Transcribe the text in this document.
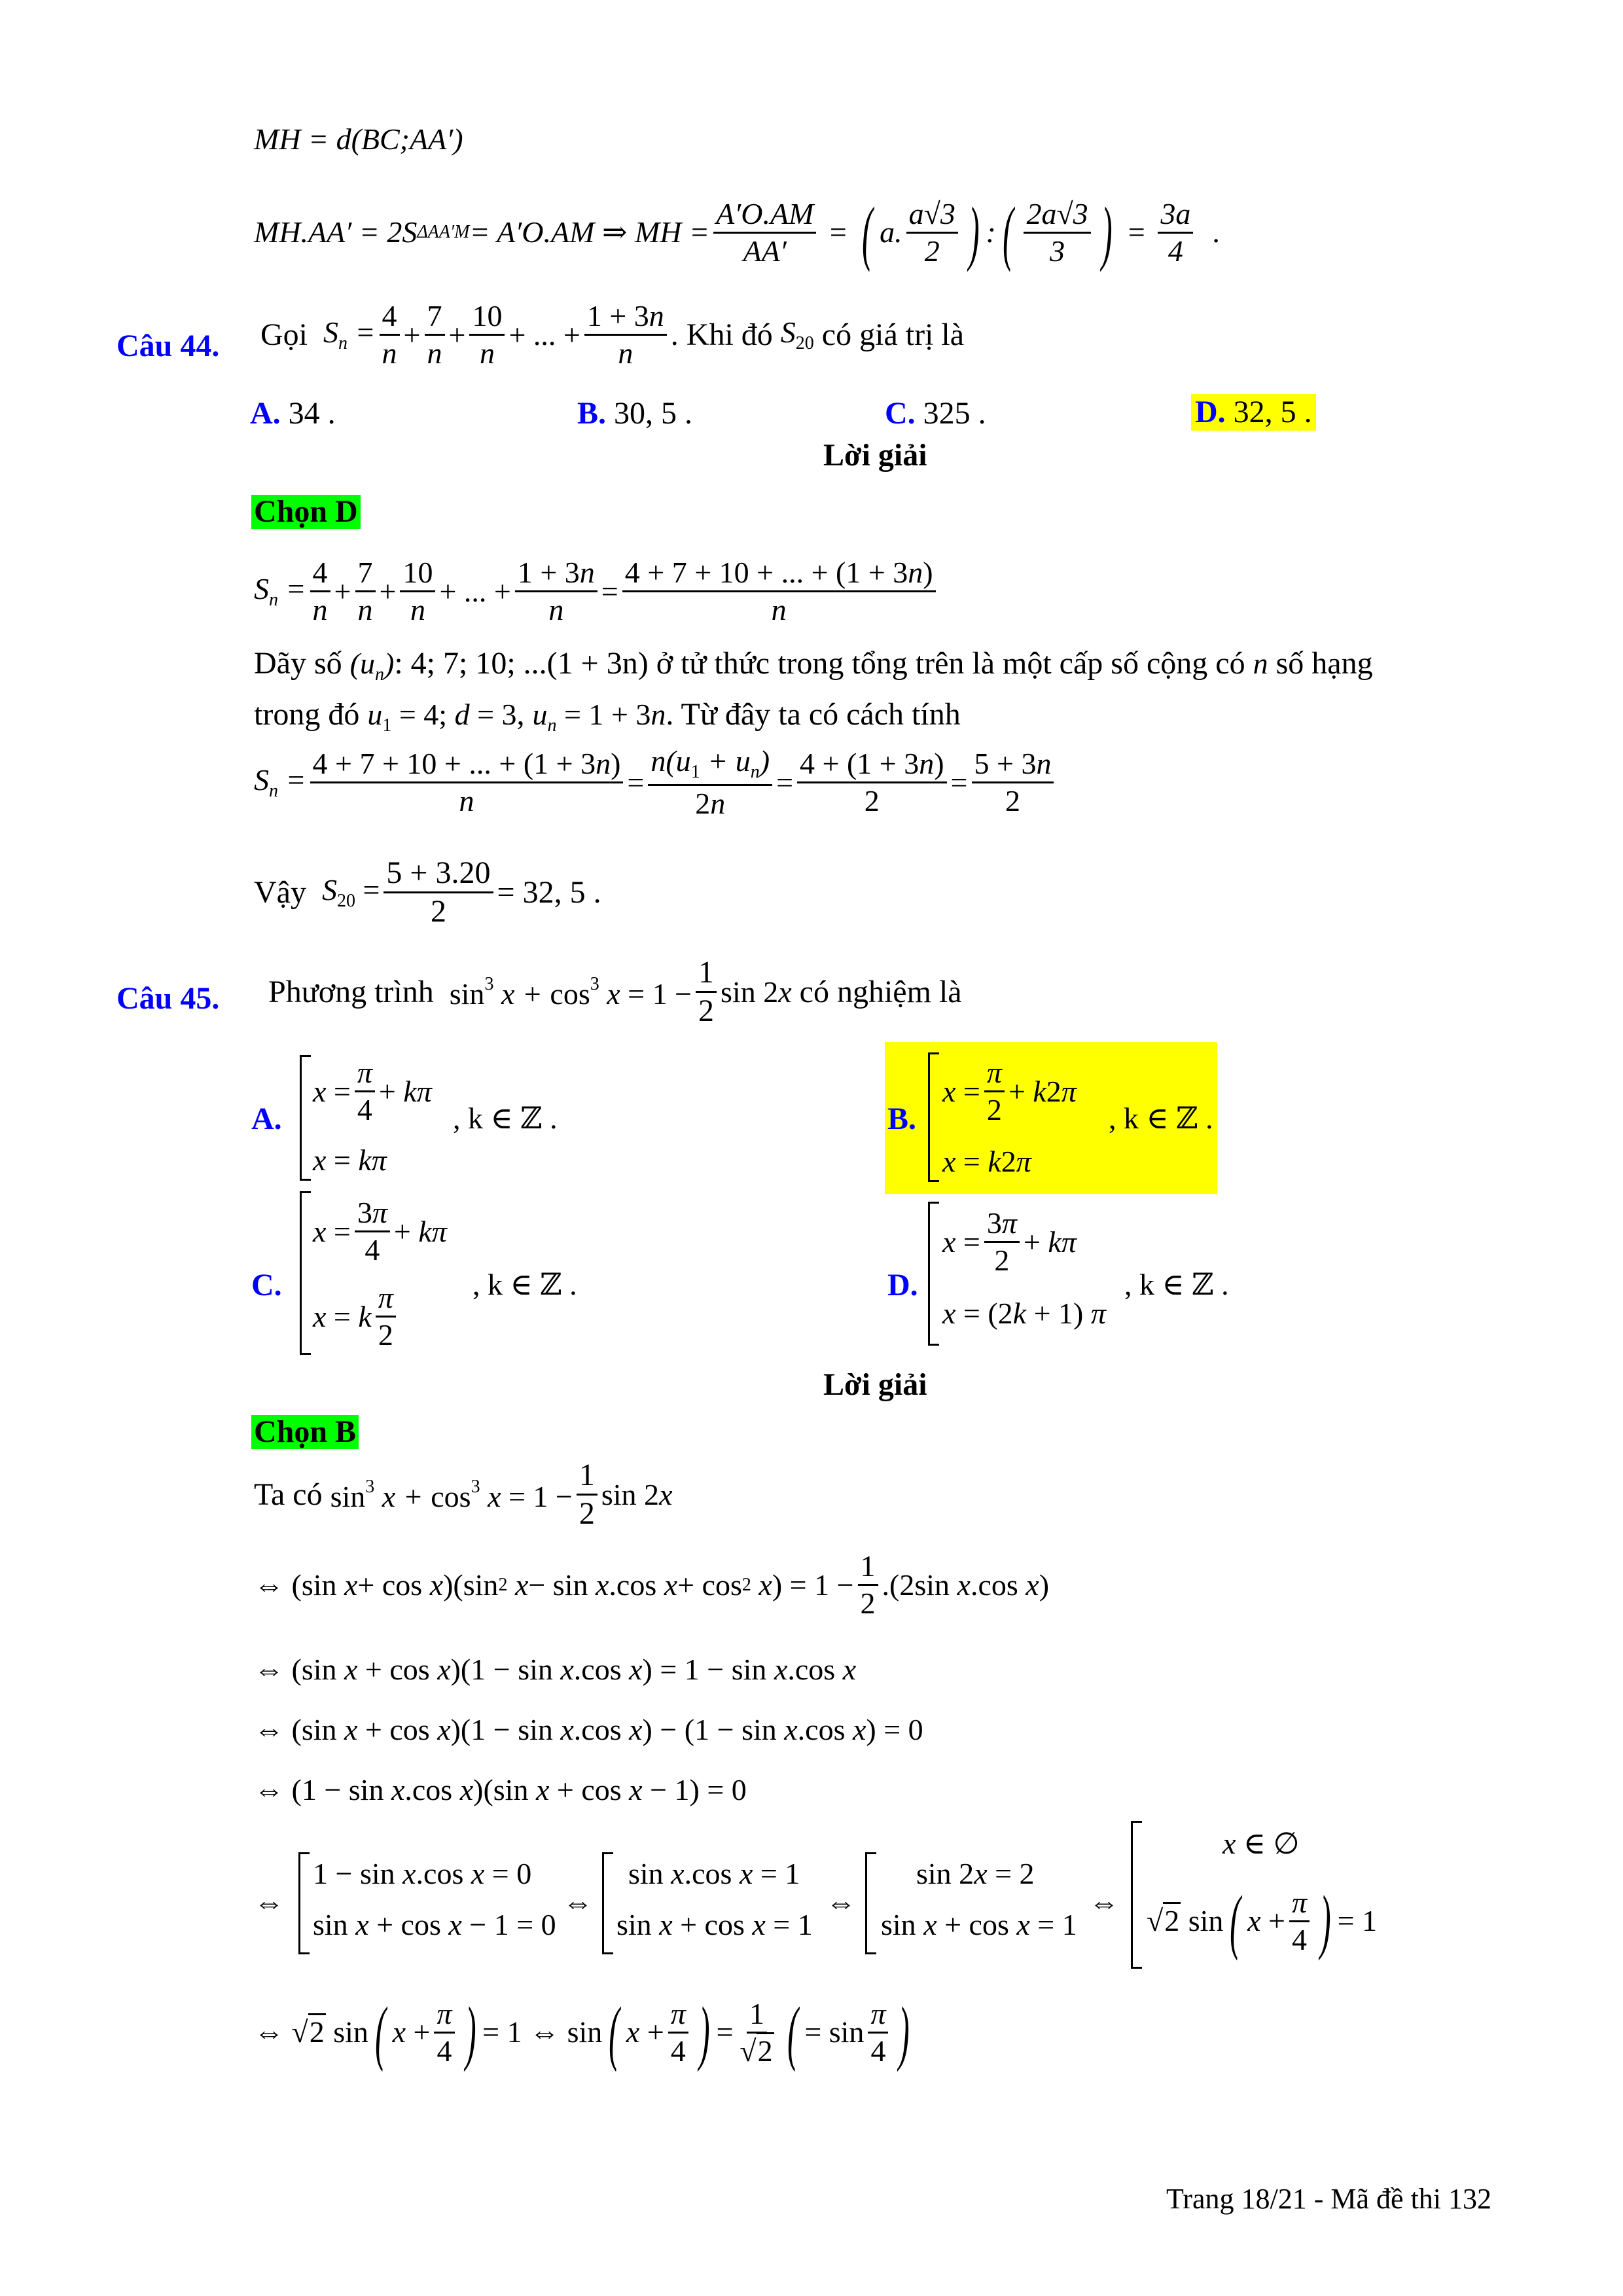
MH = d(BC;AA′)
MH.AA′ = 2S ΔAA′M = A′O.AM ⇒ MH = $\frac{A'O.AM}{AA'}$ = ( a. $\frac{a√3}{2}$ ) : ( $\frac{2a√3}{3}$ ) = $\frac{3a}{4}$ .
Câu 44. Gọi
$S_n = \frac{4}{n} + \frac{7}{n} + \frac{10}{n}$ + ... + $\frac{1 + 3n}{n}$ . Khi đó
$S_{20}$
có giá trị là
A. 34 .	B. 30, 5 .	C. 325 .	D. 32, 5 .
Lời giải
Chọn D
$S_n = \frac{4}{n} + \frac{7}{n} + \frac{10}{n}$ + ... + $\frac{1 + 3n}{n} = \frac{4 + 7 + 10 + ... + (1 + 3n)}{n}$
Dãy số $(u_n)$: 4; 7; 10; ...(1 + 3n) ở tử thức trong tổng trên là một cấp số cộng có n số hạng
trong đó $u_1 = 4$; d = 3, $u_n = 1 + 3n$. Từ đây ta có cách tính
$S_n = \frac{4 + 7 + 10 + ... + (1 + 3n)}{n} = \frac{n(u_1 + u_n)}{2n} = \frac{4 + (1 + 3n)}{2} = \frac{5 + 3n}{2}$
Vậy
$S_{20} = \frac{5 + 3.20}{2} = 32$, 5 .
Câu 45. Phương trình
$\sin^3 x + \cos^3 x = 1 - \frac{1}{2}$ sin 2x
có nghiệm là
A.
$x = \frac{\pi}{4} + k\pi$
x = kπ
, k ∈ ℤ .	B.
$x = \frac{\pi}{2} + k2\pi$
x = k2π
, k ∈ ℤ .
C.
$x = \frac{3\pi}{4} + k\pi$
x = k $\frac{\pi}{2}$	, k ∈ ℤ .	D.
$x = \frac{3\pi}{2} + k\pi$
x = (2k + 1) π
, k ∈ ℤ .
Lời giải
Chọn B
Ta có
$\sin^3 x + \cos^3 x = 1 - \frac{1}{2}$ sin 2x
⇔ (sin x + cos x )(sin 2 x − sin x .cos x + cos 2 x ) = $1 - \frac{1}{2} .(2\sin$ x .cos x )
⇔ (sin x + cos x)(1 − sin x.cos x) = 1 − sin x.cos x
⇔ (sin x + cos x)(1 − sin x.cos x) − (1 − sin x.cos x) = 0
⇔ (1 − sin x.cos x)(sin x + cos x − 1) = 0
⇔
1 − sin x.cos x = 0
sin x + cos x − 1 = 0
⇔
sin x.cos x = 1
sin x + cos x = 1
⇔
sin 2x = 2
sin x + cos x = 1
⇔
x ∈ ∅
√2 sin ( $x + \frac{\pi}{4}$ ) = 1
⇔ √2 sin ( $x + \frac{\pi}{4}$ ) = 1 ⇔ sin ( $x + \frac{\pi}{4}$ ) = $\frac{1}{√2}$ ( = $\sin \frac{\pi}{4}$ )
Trang 18/21 - Mã đề thi 132
